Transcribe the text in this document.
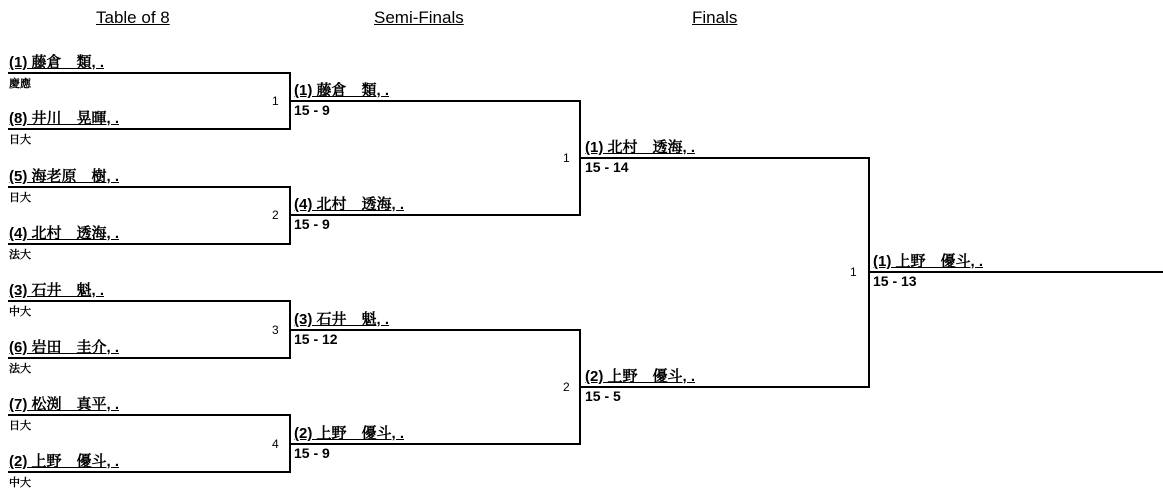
Table of 8	Semi-Finals	Finals
(1) 藤倉　類, .
慶應
(8) 井川　晃暉, .
日大
(5) 海老原　樹, .
日大
(4) 北村　透海, .
法大
(3) 石井　魁, .
中大
(6) 岩田　圭介, .
法大
(7) 松渕　真平, .
日大
(2) 上野　優斗, .
中大
1
2
3
4
(1) 藤倉　類, .
15 - 9
(4) 北村　透海, .
15 - 9
(3) 石井　魁, .
15 - 12
(2) 上野　優斗, .
15 - 9
1
2
(1) 北村　透海, .
15 - 14
(2) 上野　優斗, .
15 - 5
1
(1) 上野　優斗, .
15 - 13
